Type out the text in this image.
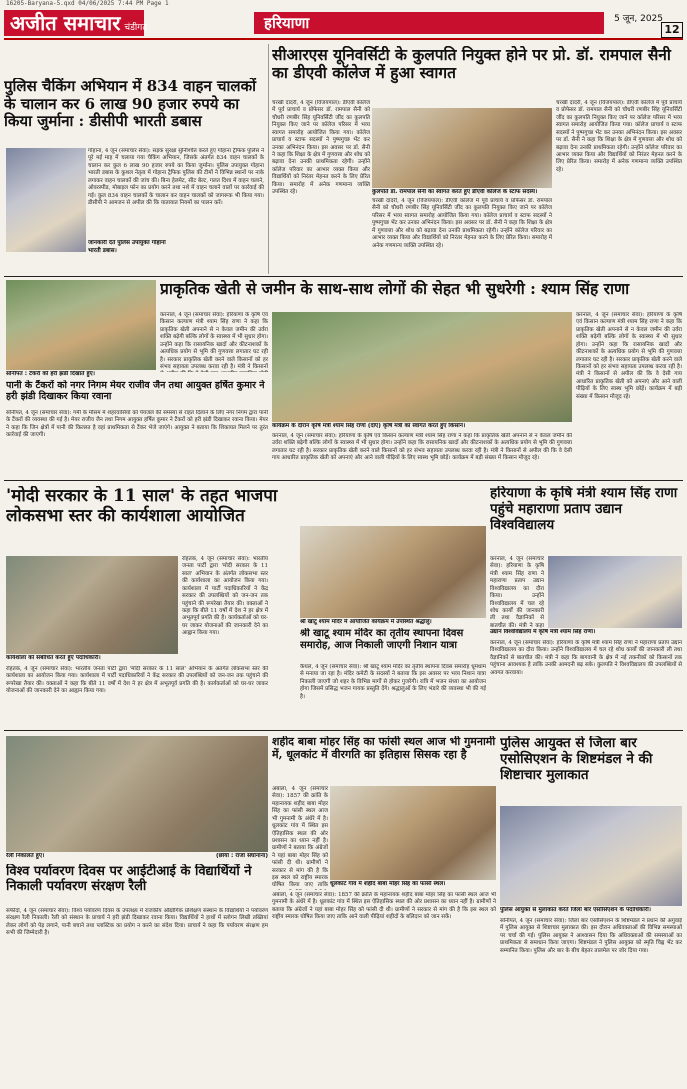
16205-Baryana-5.qxd 04/06/2025 7:44 PM Page 1
अजीत समाचार चंडीगढ़	हरियाणा	5 जून, 2025
12
पुलिस चैकिंग अभियान में 834 वाहन चालकों के चालान कर 6 लाख 90 हजार रुपये का किया जुर्माना : डीसीपी भारती डबास
जानकारी देते पुलिस उपायुक्त गोहाना भारती डबास।
गोहाना, 4 जून (समाचार सेवा): सड़क सुरक्षा सुनिश्चित करते हुए गोहाना ट्रैफिक पुलिस ने पूरे मई माह में चलाया गया चैकिंग अभियान, जिसके अंतर्गत 834 वाहन चालकों के चालान कर कुल 6 लाख 90 हजार रुपये का किया जुर्माना। पुलिस उपायुक्त गोहाना भारती डबास के कुशल नेतृत्व में गोहाना ट्रैफिक पुलिस की टीमों ने विभिन्न स्थानों पर नाके लगाकर वाहन चालकों की जांच की। बिना हेलमेट, सीट बेल्ट, गलत दिशा में वाहन चलाने, ओवरस्पीड, मोबाइल फोन का प्रयोग करने तथा नशे में वाहन चलाने वालों पर कार्रवाई की गई। कुल 834 वाहन चालकों के चालान कर वाहन चालकों को जागरूक भी किया गया। डीसीपी ने आमजन से अपील की कि यातायात नियमों का पालन करें।
सीआरएस यूनिवर्सिटी के कुलपति नियुक्त होने पर प्रो. डॉ. रामपाल सैनी का डीएवी कॉलेज में हुआ स्वागत
कुलपति डॉ. रामपाल सैनी का स्वागत करते हुए डीएवी कॉलेज के स्टाफ सदस्य।
चरखी दादरी, 4 जून (विजयपाल): डीएवी कॉलेज में पूर्व प्राचार्य व प्रोफेसर डॉ. रामपाल सैनी को चौधरी रणबीर सिंह यूनिवर्सिटी जींद का कुलपति नियुक्त किए जाने पर कॉलेज परिसर में भव्य स्वागत समारोह आयोजित किया गया। कॉलेज प्राचार्य व स्टाफ सदस्यों ने पुष्पगुच्छ भेंट कर उनका अभिनंदन किया। इस अवसर पर डॉ. सैनी ने कहा कि शिक्षा के क्षेत्र में गुणवत्ता और शोध को बढ़ावा देना उनकी प्राथमिकता रहेगी। उन्होंने कॉलेज परिवार का आभार व्यक्त किया और विद्यार्थियों को निरंतर मेहनत करने के लिए प्रेरित किया। समारोह में अनेक गणमान्य व्यक्ति उपस्थित रहे।
चरखी दादरी, 4 जून (विजयपाल): डीएवी कॉलेज में पूर्व प्राचार्य व प्रोफेसर डॉ. रामपाल सैनी को चौधरी रणबीर सिंह यूनिवर्सिटी जींद का कुलपति नियुक्त किए जाने पर कॉलेज परिसर में भव्य स्वागत समारोह आयोजित किया गया। कॉलेज प्राचार्य व स्टाफ सदस्यों ने पुष्पगुच्छ भेंट कर उनका अभिनंदन किया। इस अवसर पर डॉ. सैनी ने कहा कि शिक्षा के क्षेत्र में गुणवत्ता और शोध को बढ़ावा देना उनकी प्राथमिकता रहेगी। उन्होंने कॉलेज परिवार का आभार व्यक्त किया और विद्यार्थियों को निरंतर मेहनत करने के लिए प्रेरित किया। समारोह में अनेक गणमान्य व्यक्ति उपस्थित रहे।
चरखी दादरी, 4 जून (विजयपाल): डीएवी कॉलेज में पूर्व प्राचार्य व प्रोफेसर डॉ. रामपाल सैनी को चौधरी रणबीर सिंह यूनिवर्सिटी जींद का कुलपति नियुक्त किए जाने पर कॉलेज परिसर में भव्य स्वागत समारोह आयोजित किया गया। कॉलेज प्राचार्य व स्टाफ सदस्यों ने पुष्पगुच्छ भेंट कर उनका अभिनंदन किया। इस अवसर पर डॉ. सैनी ने कहा कि शिक्षा के क्षेत्र में गुणवत्ता और शोध को बढ़ावा देना उनकी प्राथमिकता रहेगी। उन्होंने कॉलेज परिवार का आभार व्यक्त किया और विद्यार्थियों को निरंतर मेहनत करने के लिए प्रेरित किया। समारोह में अनेक गणमान्य व्यक्ति उपस्थित रहे।
प्राकृतिक खेती से जमीन के साथ-साथ लोगों की सेहत भी सुधरेगी : श्याम सिंह राणा
सोनीपत : टैंकरों को हरी झंडी दिखाते हुए।
पानी के टैंकरों को नगर निगम मेयर राजीव जैन तथा आयुक्त हर्षित कुमार ने हरी झंडी दिखाकर किया रवाना
सोनीपत, 4 जून (समाचार सेवा): गर्मी के मौसम में शहरवासियों को पेयजल की समस्या से राहत दिलाने के लिए नगर निगम द्वारा पानी के टैंकरों की व्यवस्था की गई है। मेयर राजीव जैन तथा निगम आयुक्त हर्षित कुमार ने टैंकरों को हरी झंडी दिखाकर रवाना किया। मेयर ने कहा कि जिन क्षेत्रों में पानी की किल्लत है वहां प्राथमिकता से टैंकर भेजे जाएंगे। आयुक्त ने बताया कि शिकायत मिलने पर तुरंत कार्रवाई की जाएगी।
कार्यक्रम के दौरान कृषि मंत्री श्याम सिंह राणा (दाएं) कृषि मंत्री का स्वागत करते हुए किसान।
करनाल, 4 जून (समाचार सेवा): हरियाणा के कृषि एवं किसान कल्याण मंत्री श्याम सिंह राणा ने कहा कि प्राकृतिक खेती अपनाने से न केवल जमीन की उर्वरा शक्ति बढ़ेगी बल्कि लोगों के स्वास्थ्य में भी सुधार होगा। उन्होंने कहा कि रासायनिक खादों और कीटनाशकों के अत्यधिक प्रयोग से भूमि की गुणवत्ता लगातार घट रही है। सरकार प्राकृतिक खेती करने वाले किसानों को हर संभव सहायता उपलब्ध करवा रही है। मंत्री ने किसानों
करनाल, 4 जून (समाचार सेवा): हरियाणा के कृषि एवं किसान कल्याण मंत्री श्याम सिंह राणा ने कहा कि प्राकृतिक खेती अपनाने से न केवल जमीन की उर्वरा शक्ति बढ़ेगी बल्कि लोगों के स्वास्थ्य में भी सुधार होगा। उन्होंने कहा कि रासायनिक खादों और कीटनाशकों के अत्यधिक प्रयोग से भूमि की गुणवत्ता लगातार घट रही है। सरकार प्राकृतिक खेती करने वाले किसानों को हर संभव सहायता उपलब्ध करवा रही है। मंत्री ने किसानों से अपील की कि वे देसी गाय आधारित प्राकृतिक खेती को अपनाएं और आने वाली पीढ़ियों के लिए स्वस्थ भूमि छोड़ें। कार्यक्रम में बड़ी संख्या में किसान मौजूद रहे।
करनाल, 4 जून (समाचार सेवा): हरियाणा के कृषि एवं किसान कल्याण मंत्री श्याम सिंह राणा ने कहा कि प्राकृतिक खेती अपनाने से न केवल जमीन की उर्वरा शक्ति बढ़ेगी बल्कि लोगों के स्वास्थ्य में भी सुधार होगा। उन्होंने कहा कि रासायनिक खादों और कीटनाशकों के अत्यधिक प्रयोग से भूमि की गुणवत्ता लगातार घट रही है। सरकार प्राकृतिक खेती करने वाले किसानों को हर संभव सहायता उपलब्ध करवा रही है। मंत्री ने किसानों से अपील की कि वे देसी गाय आधारित प्राकृतिक खेती को अपनाएं और आने वाली पीढ़ियों के लिए स्वस्थ भूमि छोड़ें। कार्यक्रम में बड़ी संख्या में किसान मौजूद रहे।
'मोदी सरकार के 11 साल' के तहत भाजपा लोकसभा स्तर की कार्यशाला आयोजित
कार्यशाला को संबोधित करते हुए पदाधिकारी।
रोहतक, 4 जून (समाचार सेवा): भारतीय जनता पार्टी द्वारा 'मोदी सरकार के 11 साल' अभियान के अंतर्गत लोकसभा स्तर की कार्यशाला का आयोजन किया गया। कार्यशाला में पार्टी पदाधिकारियों ने केंद्र सरकार की उपलब्धियों को जन-जन तक पहुंचाने की रूपरेखा तैयार की। वक्ताओं ने कहा कि बीते 11 वर्षों में देश ने हर क्षेत्र में अभूतपूर्व प्रगति की है। कार्यकर्ताओं को घर-घर जाकर योजनाओं की जानकारी देने का आह्वान किया गया।
रोहतक, 4 जून (समाचार सेवा): भारतीय जनता पार्टी द्वारा 'मोदी सरकार के 11 साल' अभियान के अंतर्गत लोकसभा स्तर की कार्यशाला का आयोजन किया गया। कार्यशाला में पार्टी पदाधिकारियों ने केंद्र सरकार की उपलब्धियों को जन-जन तक पहुंचाने की रूपरेखा तैयार की। वक्ताओं ने कहा कि बीते 11 वर्षों में देश ने हर क्षेत्र में अभूतपूर्व प्रगति की है। कार्यकर्ताओं को घर-घर जाकर योजनाओं की जानकारी देने का आह्वान किया गया।
श्री खाटू श्याम मंदिर में आयोजित कार्यक्रम में उपस्थित श्रद्धालु।
श्री खाटू श्याम मंदिर का तृतीय स्थापना दिवस समारोह, आज निकाली जाएगी निशान यात्रा
कैथल, 4 जून (समाचार सेवा): श्री खाटू श्याम मंदिर का तृतीय स्थापना दिवस समारोह धूमधाम से मनाया जा रहा है। मंदिर कमेटी के सदस्यों ने बताया कि इस अवसर पर भव्य निशान यात्रा निकाली जाएगी जो शहर के विभिन्न मार्गों से होकर गुजरेगी। रात्रि में भजन संध्या का आयोजन होगा जिसमें प्रसिद्ध भजन गायक प्रस्तुति देंगे। श्रद्धालुओं के लिए भंडारे की व्यवस्था भी की गई है।
हरियाणा के कृषि मंत्री श्याम सिंह राणा पहुंचे महाराणा प्रताप उद्यान विश्वविद्यालय
उद्यान विश्वविद्यालय में कृषि मंत्री श्याम सिंह राणा।
करनाल, 4 जून (समाचार सेवा): हरियाणा के कृषि मंत्री श्याम सिंह राणा ने महाराणा प्रताप उद्यान विश्वविद्यालय का दौरा किया। उन्होंने विश्वविद्यालय में चल रहे शोध कार्यों की जानकारी ली तथा वैज्ञानिकों से बातचीत की। मंत्री ने कहा
करनाल, 4 जून (समाचार सेवा): हरियाणा के कृषि मंत्री श्याम सिंह राणा ने महाराणा प्रताप उद्यान विश्वविद्यालय का दौरा किया। उन्होंने विश्वविद्यालय में चल रहे शोध कार्यों की जानकारी ली तथा वैज्ञानिकों से बातचीत की। मंत्री ने कहा कि बागवानी के क्षेत्र में नई तकनीकों को किसानों तक पहुंचाना आवश्यक है ताकि उनकी आमदनी बढ़ सके। कुलपति ने विश्वविद्यालय की उपलब्धियों से अवगत करवाया।
रैली निकालते हुए।	(छाया : राजा संघानाना)
विश्व पर्यावरण दिवस पर आईटीआई के विद्यार्थियों ने निकाली पर्यावरण संरक्षण रैली
सफीदों, 4 जून (समाचार सेवा): विश्व पर्यावरण दिवस के उपलक्ष्य में राजकीय औद्योगिक प्रशिक्षण संस्थान के विद्यार्थियों ने पर्यावरण संरक्षण रैली निकाली। रैली को संस्थान के प्राचार्य ने हरी झंडी दिखाकर रवाना किया। विद्यार्थियों ने हाथों में स्लोगन लिखी तख्तियां लेकर लोगों को पेड़ लगाने, पानी बचाने तथा प्लास्टिक का प्रयोग न करने का संदेश दिया। प्राचार्य ने कहा कि पर्यावरण संरक्षण हम सभी की जिम्मेदारी है।
शहीद बाबा मोहर सिंह का फांसी स्थल आज भी गुमनामी में, धूलकांट में वीरगति का इतिहास सिसक रहा है
धूलकांट गांव में शहीद बाबा मोहर सिंह का फांसी स्थल।
अंबाला, 4 जून (समाचार सेवा): 1857 की क्रांति के महानायक शहीद बाबा मोहर सिंह का फांसी स्थल आज भी गुमनामी के अंधेरे में है। धूलकांट गांव में स्थित इस ऐतिहासिक स्थल की ओर प्रशासन का ध्यान नहीं है। ग्रामीणों ने बताया कि अंग्रेजों ने यहां बाबा मोहर सिंह को फांसी दी थी। ग्रामीणों ने सरकार से मांग की है कि इस स्थल को राष्ट्रीय स्मारक घोषित किया जाए ताकि
अंबाला, 4 जून (समाचार सेवा): 1857 की क्रांति के महानायक शहीद बाबा मोहर सिंह का फांसी स्थल आज भी गुमनामी के अंधेरे में है। धूलकांट गांव में स्थित इस ऐतिहासिक स्थल की ओर प्रशासन का ध्यान नहीं है। ग्रामीणों ने बताया कि अंग्रेजों ने यहां बाबा मोहर सिंह को फांसी दी थी। ग्रामीणों ने सरकार से मांग की है कि इस स्थल को राष्ट्रीय स्मारक घोषित किया जाए ताकि आने वाली पीढ़ियां शहीदों के बलिदान को जान सकें।
पुलिस आयुक्त से जिला बार एसोसिएशन के शिष्टमंडल ने की शिष्टाचार मुलाकात
पुलिस आयुक्त से मुलाकात करते जिला बार एसोसिएशन के पदाधिकारी।
सोनीपत, 4 जून (समाचार सेवा): जिला बार एसोसिएशन के शिष्टमंडल ने प्रधान की अगुवाई में पुलिस आयुक्त से शिष्टाचार मुलाकात की। इस दौरान अधिवक्ताओं की विभिन्न समस्याओं पर चर्चा की गई। पुलिस आयुक्त ने आश्वासन दिया कि अधिवक्ताओं की समस्याओं का प्राथमिकता से समाधान किया जाएगा। शिष्टमंडल ने पुलिस आयुक्त को स्मृति चिह्न भेंट कर सम्मानित किया। पुलिस और बार के बीच बेहतर तालमेल पर जोर दिया गया।
